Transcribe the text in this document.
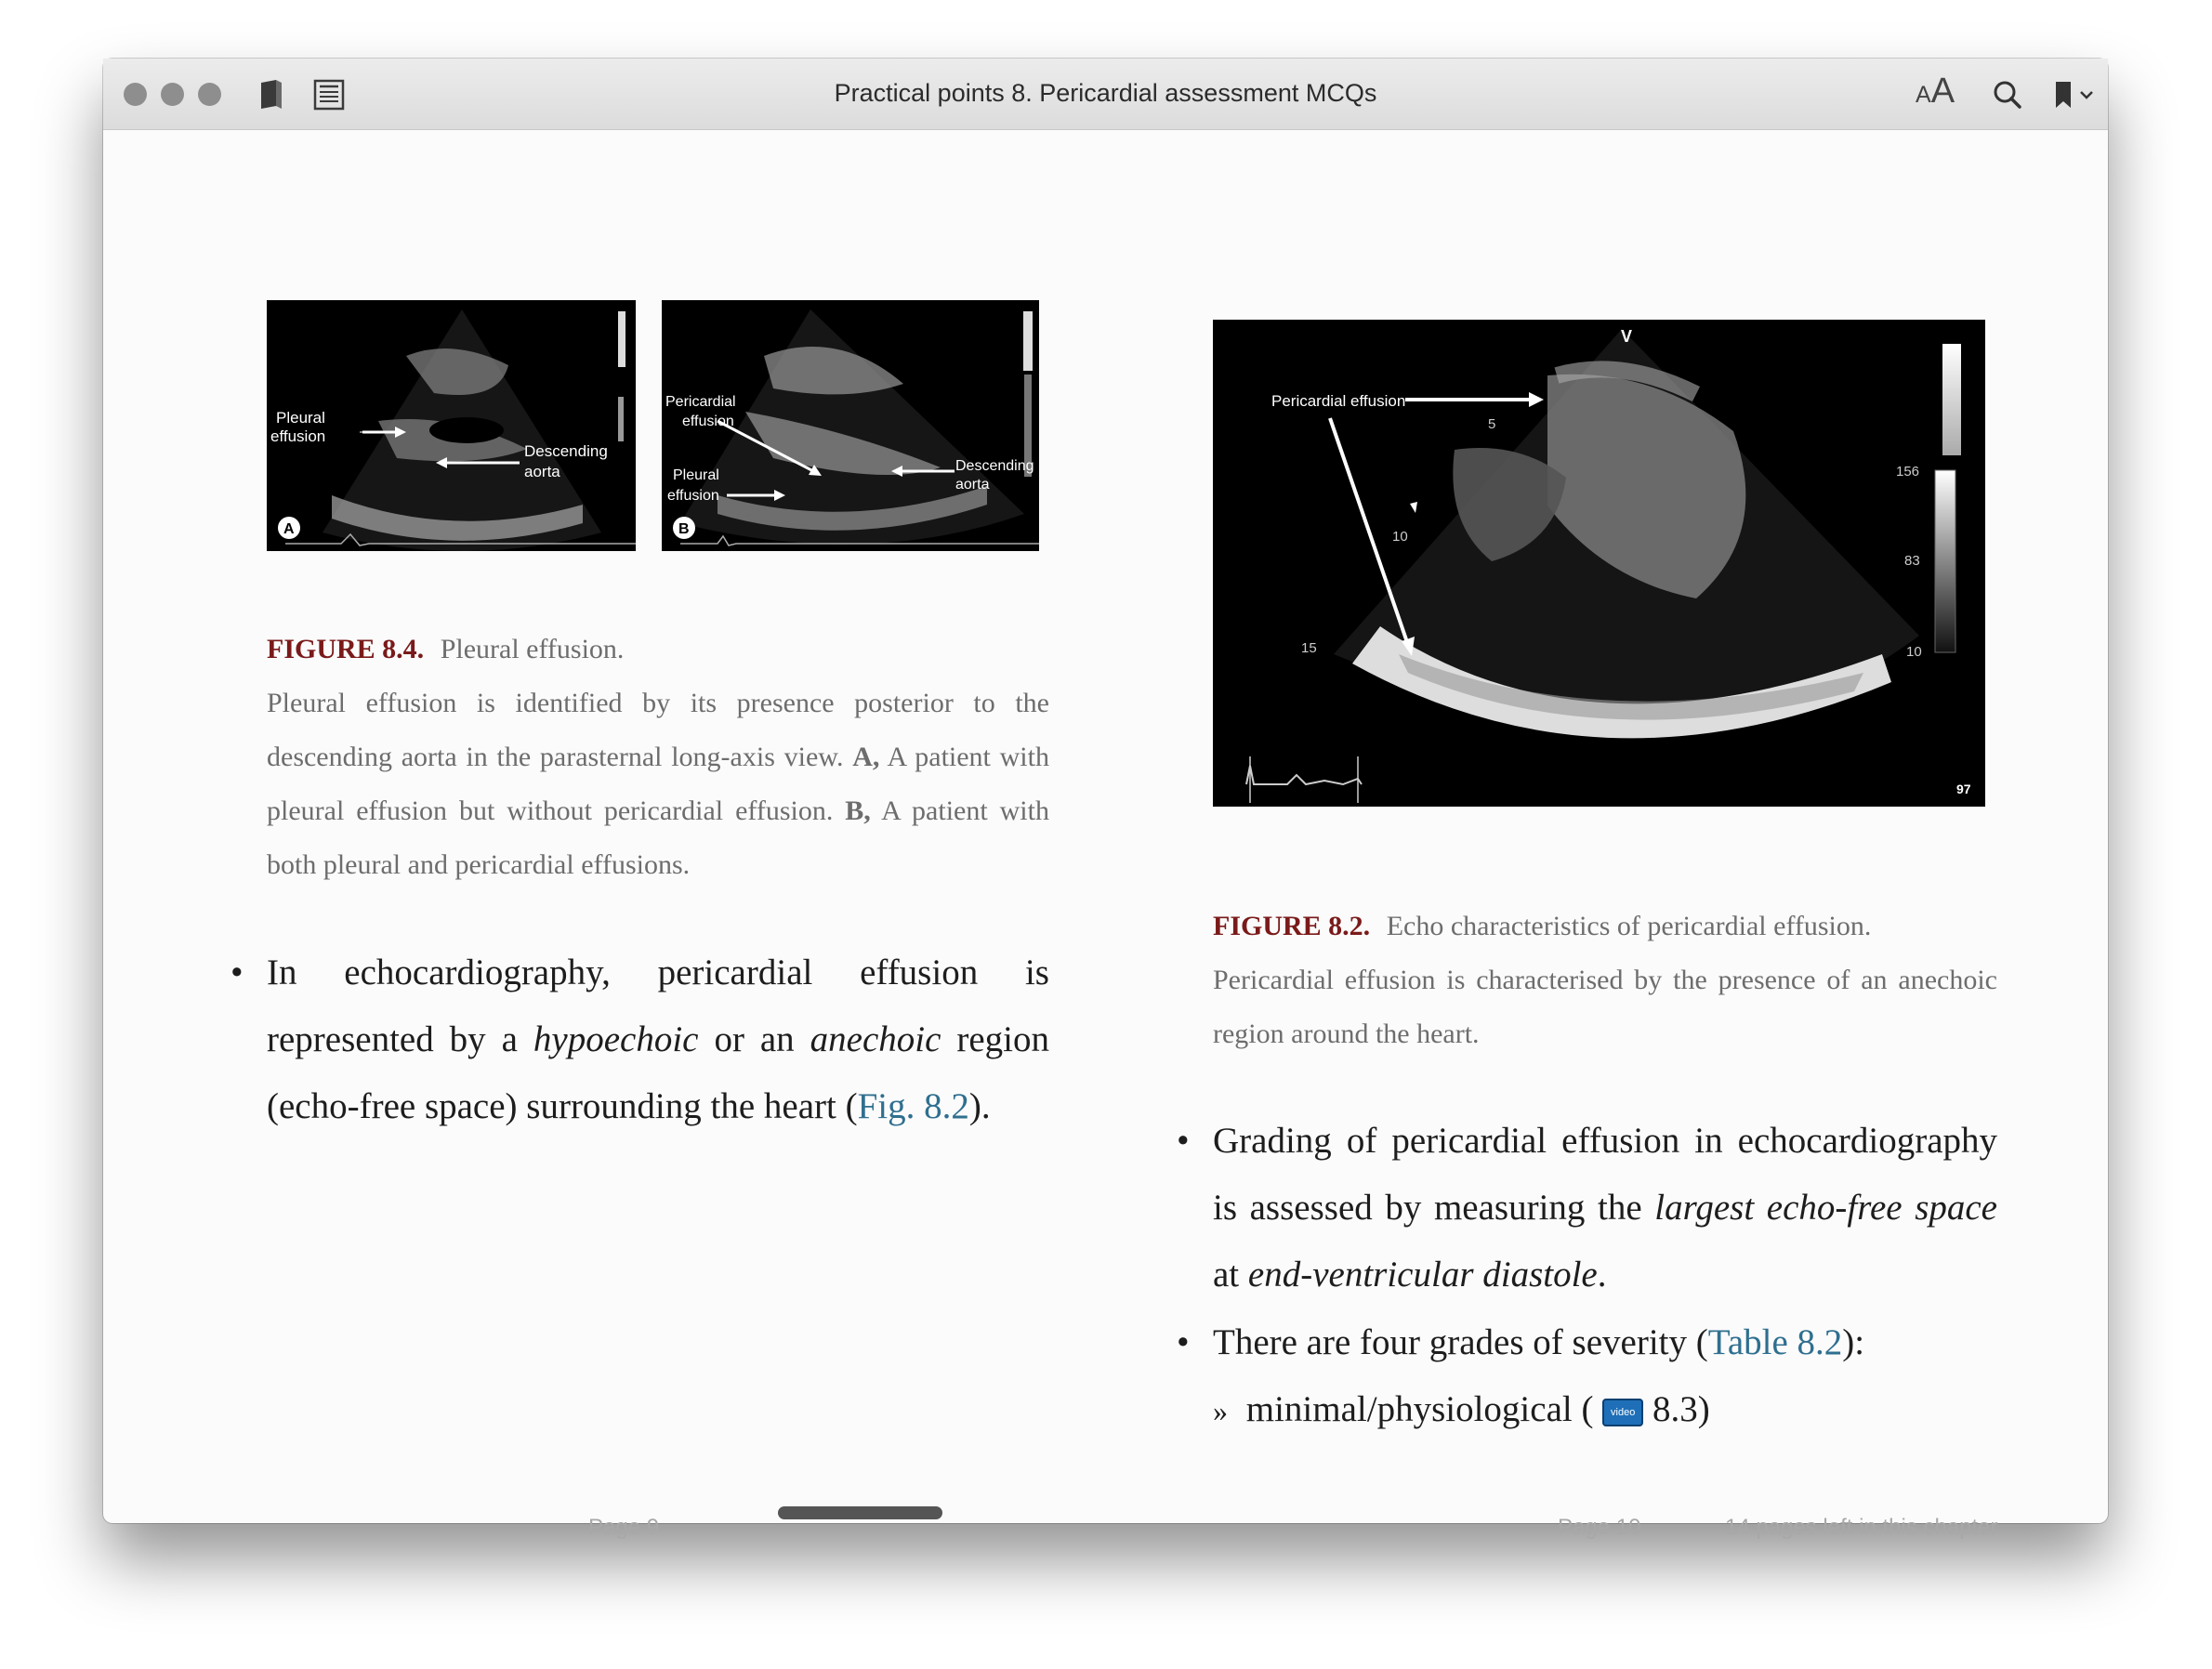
Practical points 8. Pericardial assessment MCQs	AA
Pleural
effusion
Descending
aorta
A
Pericardial
effusion
Pleural
effusion
Descending
aorta
B
FIGURE 8.4. Pleural effusion.
Pleural effusion is identified by its presence posterior to the descending aorta in the parasternal long-axis view. A, A patient with pleural effusion but without pericardial effusion. B, A patient with both pleural and pericardial effusions.
• In echocardiography, pericardial effusion is represented by a hypoechoic or an anechoic region (echo-free space) surrounding the heart (Fig. 8.2).
Page 9
Pericardial effusion
V
5
10
15
156
83
10
97
FIGURE 8.2. Echo characteristics of pericardial effusion.
Pericardial effusion is characterised by the presence of an anechoic region around the heart.
• Grading of pericardial effusion in echocardiography is assessed by measuring the largest echo-free space at end-ventricular diastole.
• There are four grades of severity (Table 8.2):
» minimal/physiological ( video 8.3)
Page 10	14 pages left in this chapter
